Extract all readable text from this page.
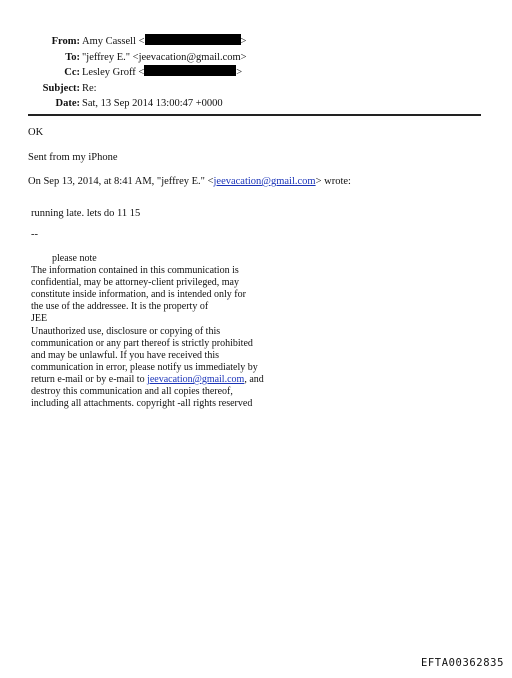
From: Amy Cassell <	>
To: "jeffrey E." <jeevacation@gmail.com>
Cc: Lesley Groff <	>
Subject: Re:
Date: Sat, 13 Sep 2014 13:00:47 +0000
OK
Sent from my iPhone
On Sep 13, 2014, at 8:41 AM, "jeffrey E." <jeevacation@gmail.com> wrote:
running late. lets do 11 15
--
please note
The information contained in this communication is
confidential, may be attorney-client privileged, may
constitute inside information, and is intended only for
the use of the addressee. It is the property of
JEE
Unauthorized use, disclosure or copying of this
communication or any part thereof is strictly prohibited
and may be unlawful. If you have received this
communication in error, please notify us immediately by
return e-mail or by e-mail to jeevacation@gmail.com, and
destroy this communication and all copies thereof,
including all attachments. copyright -all rights reserved
EFTA00362835
